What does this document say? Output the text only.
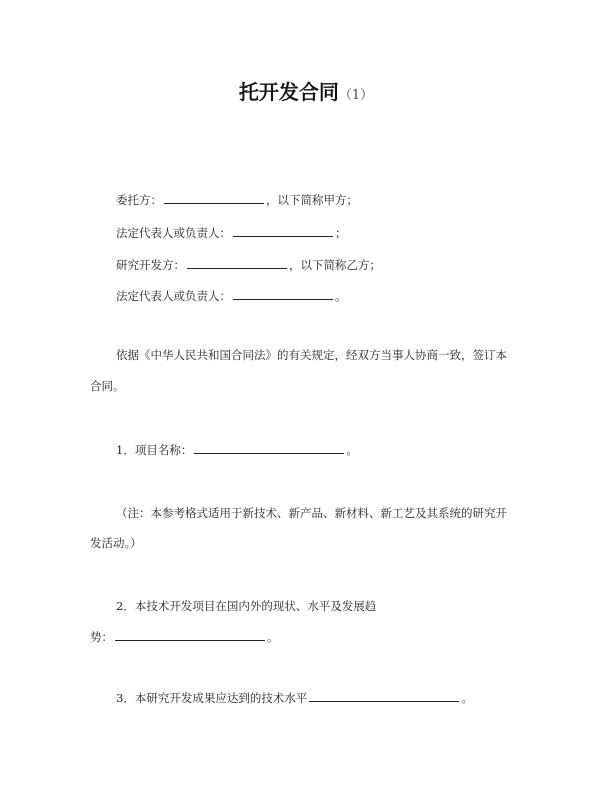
托开发合同（1）
委托方：	，以下简称甲方；
法定代表人或负责人：	；
研究开发方：	，以下简称乙方；
法定代表人或负责人：	。
依据《中华人民共和国合同法》的有关规定，经双方当事人协商一致，签订本
合同。
1．项目名称：	。
（注：本参考格式适用于新技术、新产品、新材料、新工艺及其系统的研究开
发活动。）
2．本技术开发项目在国内外的现状、水平及发展趋
势：	。
3．本研究开发成果应达到的技术水平	。
